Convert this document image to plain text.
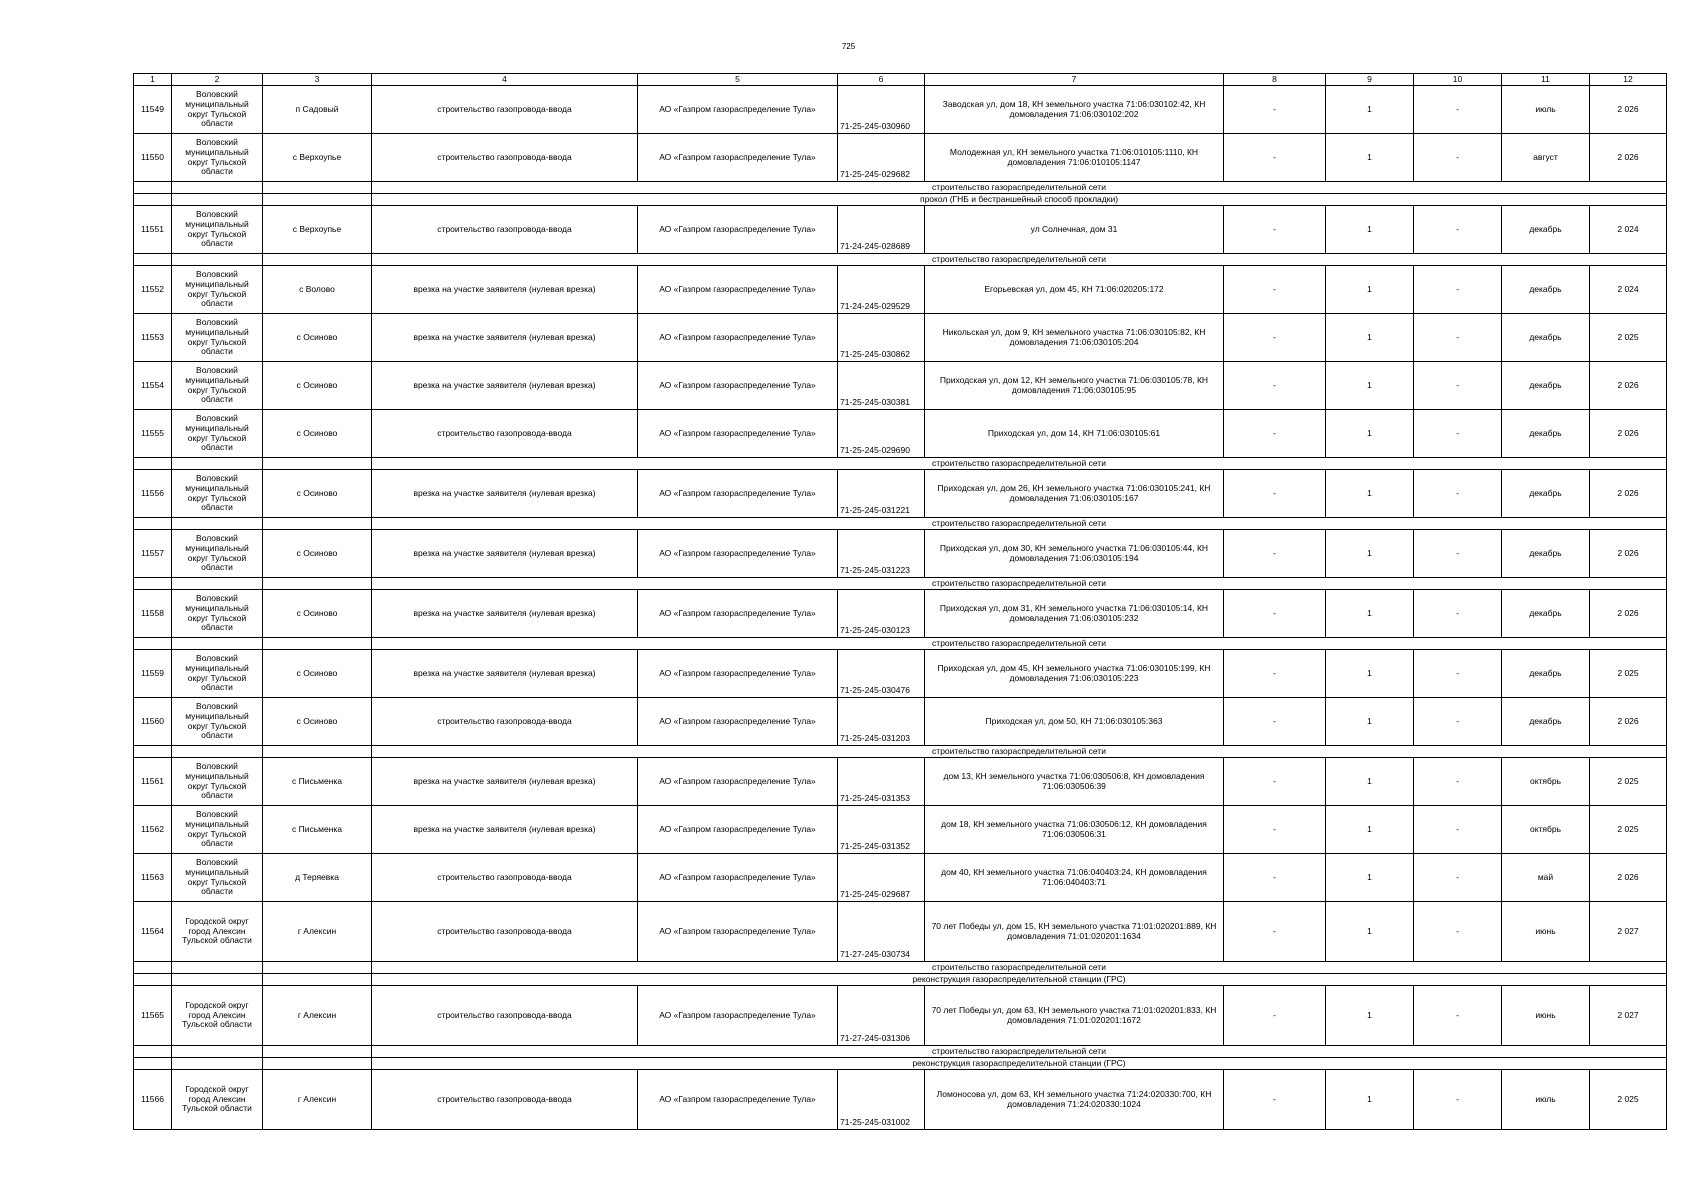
725
1	2	3	4	5	6	7	8	9	10	11	12
11549	Воловский муниципальный округ Тульской области	п Садовый	строительство газопровода-ввода	АО «Газпром газораспределение Тула»	71-25-245-030960	Заводская ул, дом 18, КН земельного участка 71:06:030102:42, КН домовладения 71:06:030102:202	-	1	-	июль	2 026
11550	Воловский муниципальный округ Тульской области	с Верхоупье	строительство газопровода-ввода	АО «Газпром газораспределение Тула»	71-25-245-029682	Молодежная ул, КН земельного участка 71:06:010105:1110, КН домовладения 71:06:010105:1147	-	1	-	август	2 026
			строительство газораспределительной сети								
			прокол (ГНБ и бестраншейный способ прокладки)								
11551	Воловский муниципальный округ Тульской области	с Верхоупье	строительство газопровода-ввода	АО «Газпром газораспределение Тула»	71-24-245-028689	ул Солнечная, дом 31	-	1	-	декабрь	2 024
			строительство газораспределительной сети								
11552	Воловский муниципальный округ Тульской области	с Волово	врезка на участке заявителя (нулевая врезка)	АО «Газпром газораспределение Тула»	71-24-245-029529	Егорьевская ул, дом 45, КН 71:06:020205:172	-	1	-	декабрь	2 024
11553	Воловский муниципальный округ Тульской области	с Осиново	врезка на участке заявителя (нулевая врезка)	АО «Газпром газораспределение Тула»	71-25-245-030862	Никольская ул, дом 9, КН земельного участка 71:06:030105:82, КН домовладения 71:06:030105:204	-	1	-	декабрь	2 025
11554	Воловский муниципальный округ Тульской области	с Осиново	врезка на участке заявителя (нулевая врезка)	АО «Газпром газораспределение Тула»	71-25-245-030381	Приходская ул, дом 12, КН земельного участка 71:06:030105:78, КН домовладения 71:06:030105:95	-	1	-	декабрь	2 026
11555	Воловский муниципальный округ Тульской области	с Осиново	строительство газопровода-ввода	АО «Газпром газораспределение Тула»	71-25-245-029690	Приходская ул, дом 14, КН 71:06:030105:61	-	1	-	декабрь	2 026
			строительство газораспределительной сети								
11556	Воловский муниципальный округ Тульской области	с Осиново	врезка на участке заявителя (нулевая врезка)	АО «Газпром газораспределение Тула»	71-25-245-031221	Приходская ул, дом 26, КН земельного участка 71:06:030105:241, КН домовладения 71:06:030105:167	-	1	-	декабрь	2 026
			строительство газораспределительной сети								
11557	Воловский муниципальный округ Тульской области	с Осиново	врезка на участке заявителя (нулевая врезка)	АО «Газпром газораспределение Тула»	71-25-245-031223	Приходская ул, дом 30, КН земельного участка 71:06:030105:44, КН домовладения 71:06:030105:194	-	1	-	декабрь	2 026
			строительство газораспределительной сети								
11558	Воловский муниципальный округ Тульской области	с Осиново	врезка на участке заявителя (нулевая врезка)	АО «Газпром газораспределение Тула»	71-25-245-030123	Приходская ул, дом 31, КН земельного участка 71:06:030105:14, КН домовладения 71:06:030105:232	-	1	-	декабрь	2 026
			строительство газораспределительной сети								
11559	Воловский муниципальный округ Тульской области	с Осиново	врезка на участке заявителя (нулевая врезка)	АО «Газпром газораспределение Тула»	71-25-245-030476	Приходская ул, дом 45, КН земельного участка 71:06:030105:199, КН домовладения 71:06:030105:223	-	1	-	декабрь	2 025
11560	Воловский муниципальный округ Тульской области	с Осиново	строительство газопровода-ввода	АО «Газпром газораспределение Тула»	71-25-245-031203	Приходская ул, дом 50, КН 71:06:030105:363	-	1	-	декабрь	2 026
			строительство газораспределительной сети								
11561	Воловский муниципальный округ Тульской области	с Письменка	врезка на участке заявителя (нулевая врезка)	АО «Газпром газораспределение Тула»	71-25-245-031353	дом 13, КН земельного участка 71:06:030506:8, КН домовладения 71:06:030506:39	-	1	-	октябрь	2 025
11562	Воловский муниципальный округ Тульской области	с Письменка	врезка на участке заявителя (нулевая врезка)	АО «Газпром газораспределение Тула»	71-25-245-031352	дом 18, КН земельного участка 71:06:030506:12, КН домовладения 71:06:030506:31	-	1	-	октябрь	2 025
11563	Воловский муниципальный округ Тульской области	д Теряевка	строительство газопровода-ввода	АО «Газпром газораспределение Тула»	71-25-245-029687	дом 40, КН земельного участка 71:06:040403:24, КН домовладения 71:06:040403:71	-	1	-	май	2 026
11564	Городской округ город Алексин Тульской области	г Алексин	строительство газопровода-ввода	АО «Газпром газораспределение Тула»	71-27-245-030734	70 лет Победы ул, дом 15, КН земельного участка 71:01:020201:889, КН домовладения 71:01:020201:1634	-	1	-	июнь	2 027
			строительство газораспределительной сети								
			реконструкция газораспределительной станции (ГРС)								
11565	Городской округ город Алексин Тульской области	г Алексин	строительство газопровода-ввода	АО «Газпром газораспределение Тула»	71-27-245-031306	70 лет Победы ул, дом 63, КН земельного участка 71:01:020201:833, КН домовладения 71:01:020201:1672	-	1	-	июнь	2 027
			строительство газораспределительной сети								
			реконструкция газораспределительной станции (ГРС)								
11566	Городской округ город Алексин Тульской области	г Алексин	строительство газопровода-ввода	АО «Газпром газораспределение Тула»	71-25-245-031002	Ломоносова ул, дом 63, КН земельного участка 71:24:020330:700, КН домовладения 71:24:020330:1024	-	1	-	июль	2 025
